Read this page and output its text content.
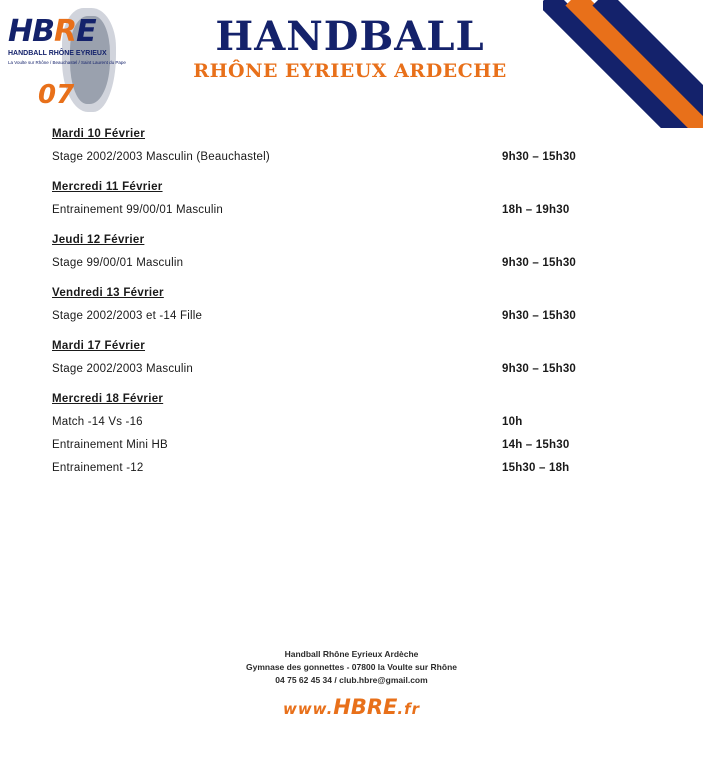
HBRE
HANDBALL RHÔNE EYRIEUX
La Voulte sur Rhône / Beauchastel / Saint Laurent du Pape
07
HANDBALL
RHÔNE EYRIEUX ARDECHE
Mardi 10 Février
Stage 2002/2003 Masculin (Beauchastel)	9h30 – 15h30
Mercredi 11 Février
Entrainement 99/00/01 Masculin	18h – 19h30
Jeudi 12 Février
Stage 99/00/01 Masculin	9h30 – 15h30
Vendredi 13 Février
Stage 2002/2003 et -14 Fille	9h30 – 15h30
Mardi 17 Février
Stage 2002/2003 Masculin	9h30 – 15h30
Mercredi 18 Février
Match -14 Vs -16	10h
Entrainement Mini HB	14h – 15h30
Entrainement -12	15h30 – 18h
Handball Rhône Eyrieux Ardèche
Gymnase des gonnettes - 07800 la Voulte sur Rhône
04 75 62 45 34 / club.hbre@gmail.com
www.HBRE.fr
